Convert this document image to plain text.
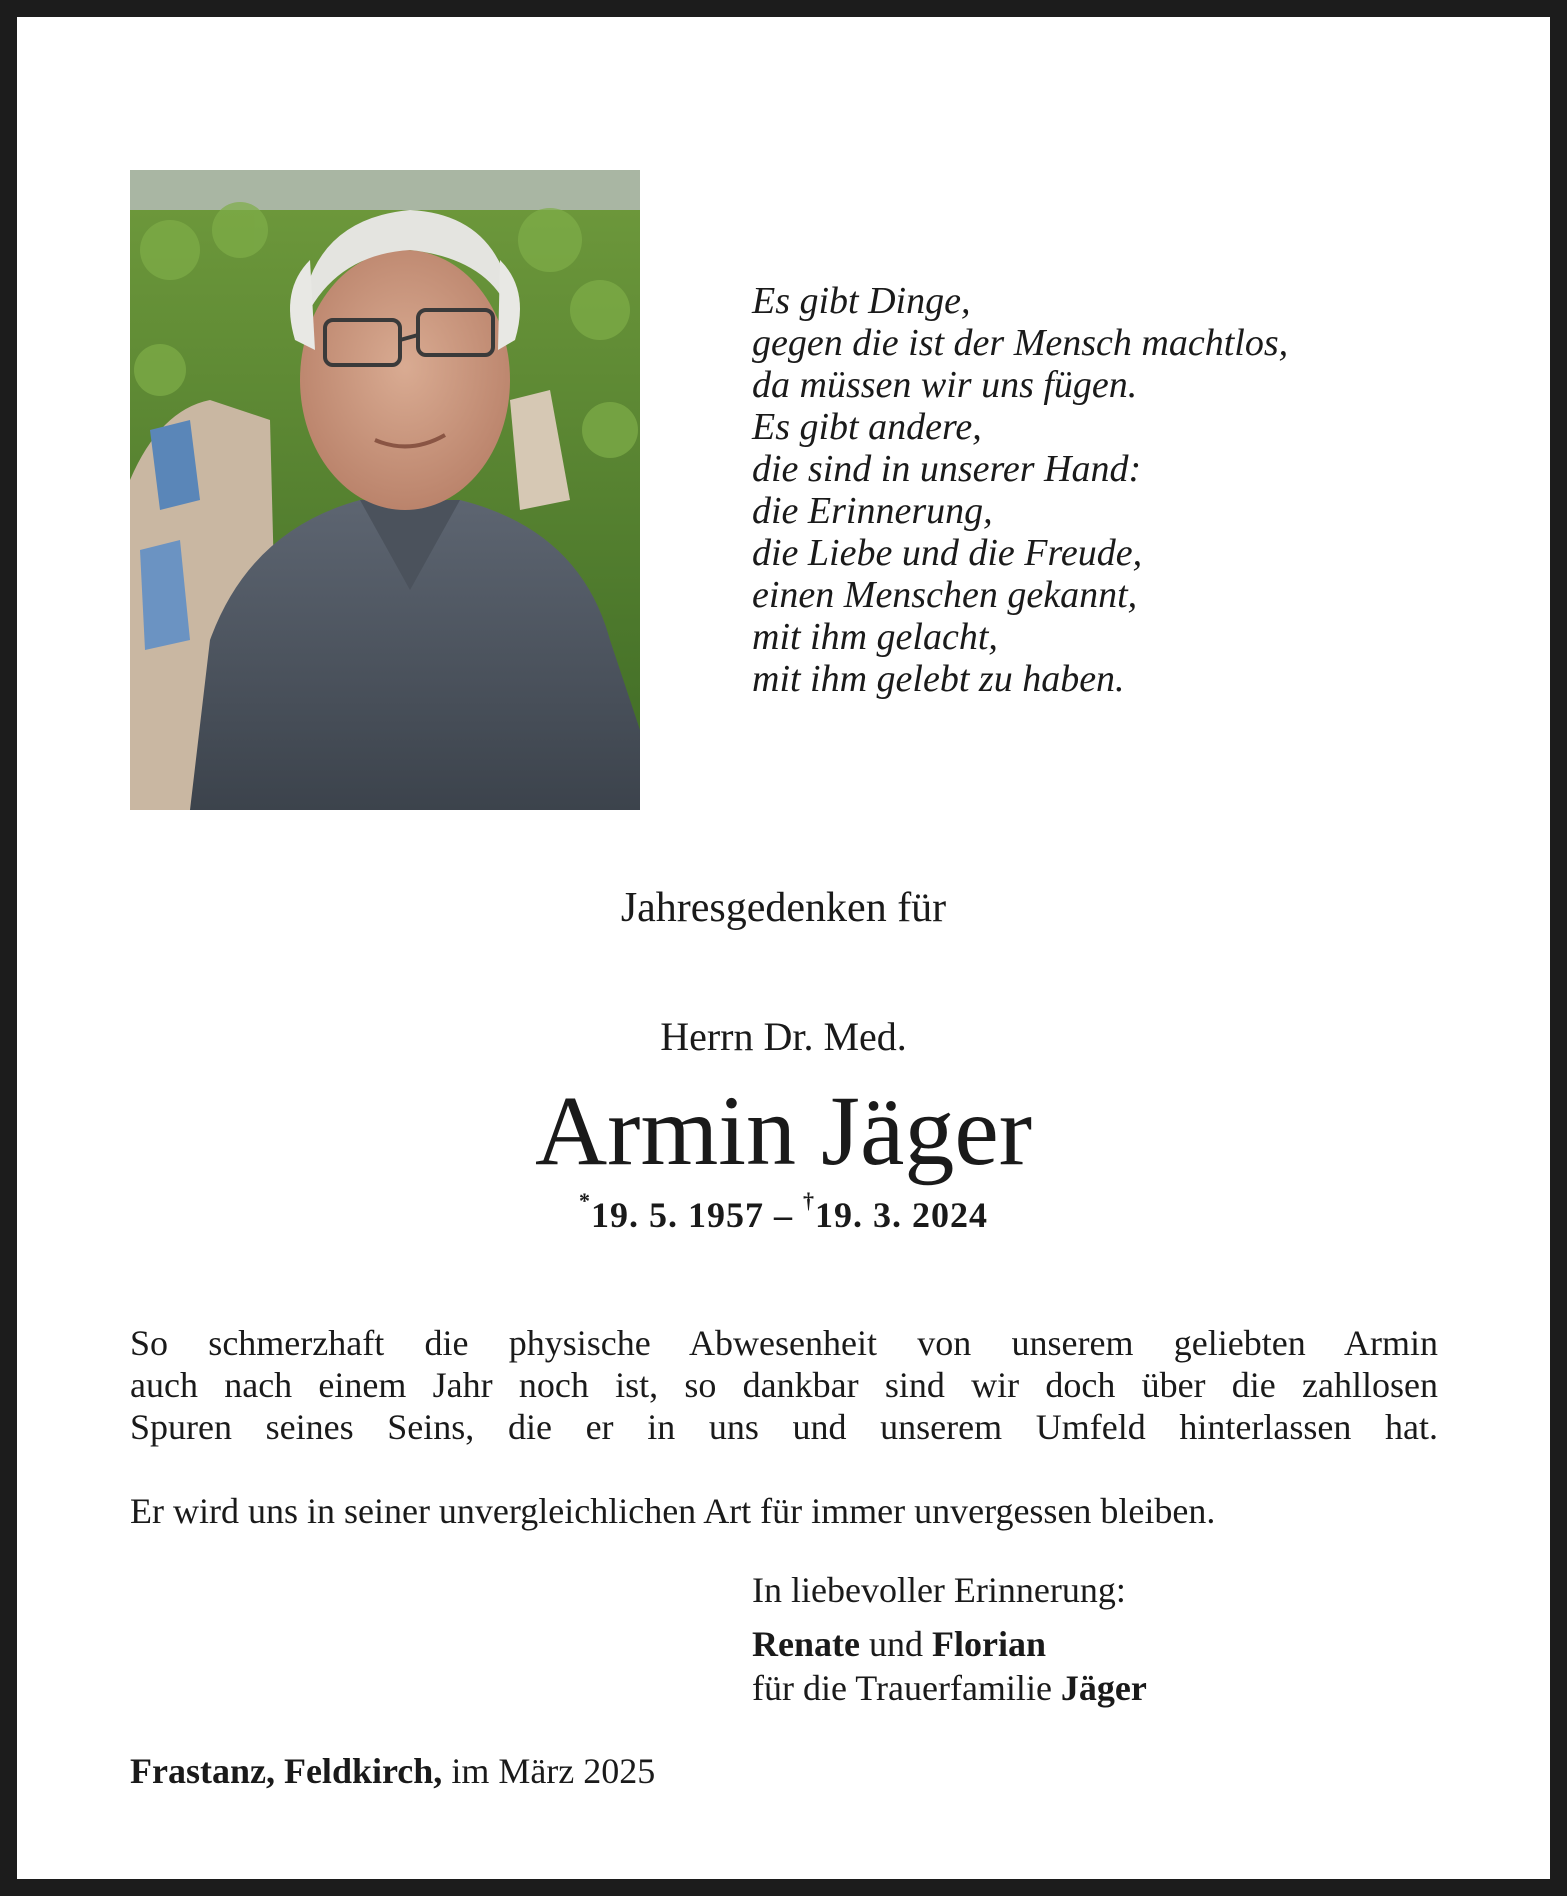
Es gibt Dinge,
gegen die ist der Mensch machtlos,
da müssen wir uns fügen.
Es gibt andere,
die sind in unserer Hand:
die Erinnerung,
die Liebe und die Freude,
einen Menschen gekannt,
mit ihm gelacht,
mit ihm gelebt zu haben.
Jahresgedenken für
Herrn Dr. Med.
Armin Jäger
*19. 5. 1957 – †19. 3. 2024

So schmerzhaft die physische Abwesenheit von unserem geliebten Armin
auch nach einem Jahr noch ist, so dankbar sind wir doch über die zahllosen
Spuren seines Seins, die er in uns und unserem Umfeld hinterlassen hat.

Er wird uns in seiner unvergleichlichen Art für immer unvergessen bleiben.

In liebevoller Erinnerung:
Renate und Florian
für die Trauerfamilie Jäger
Frastanz, Feldkirch, im März 2025
